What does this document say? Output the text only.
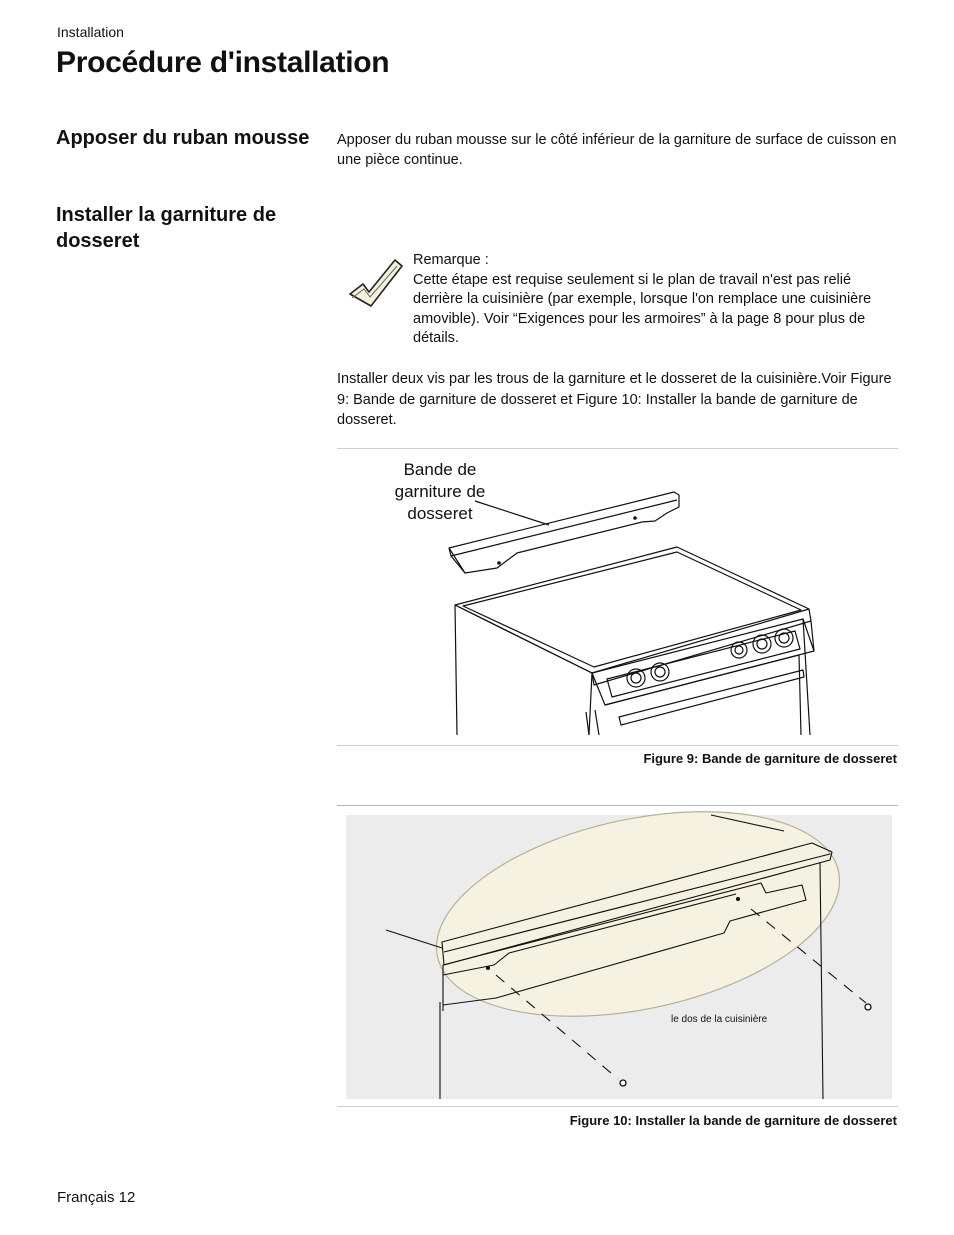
Installation
Procédure d'installation
Apposer du ruban mousse	Apposer du ruban mousse sur le côté inférieur de la garniture de surface de cuisson en une pièce continue.
Installer la garniture de dosseret
Remarque :
Cette étape est requise seulement si le plan de travail n'est pas relié derrière la cuisinière (par exemple, lorsque l'on remplace une cuisinière amovible). Voir “Exigences pour les armoires” à la page 8 pour plus de détails.
Installer deux vis par les trous de la garniture et le dosseret de la cuisinière.Voir Figure 9: Bande de garniture de dosseret et Figure 10: Installer la bande de garniture de dosseret.
Bande de garniture de dosseret
Figure 9: Bande de garniture de dosseret
le dos de la cuisinière
Figure 10: Installer la bande de garniture de dosseret
Français 12
